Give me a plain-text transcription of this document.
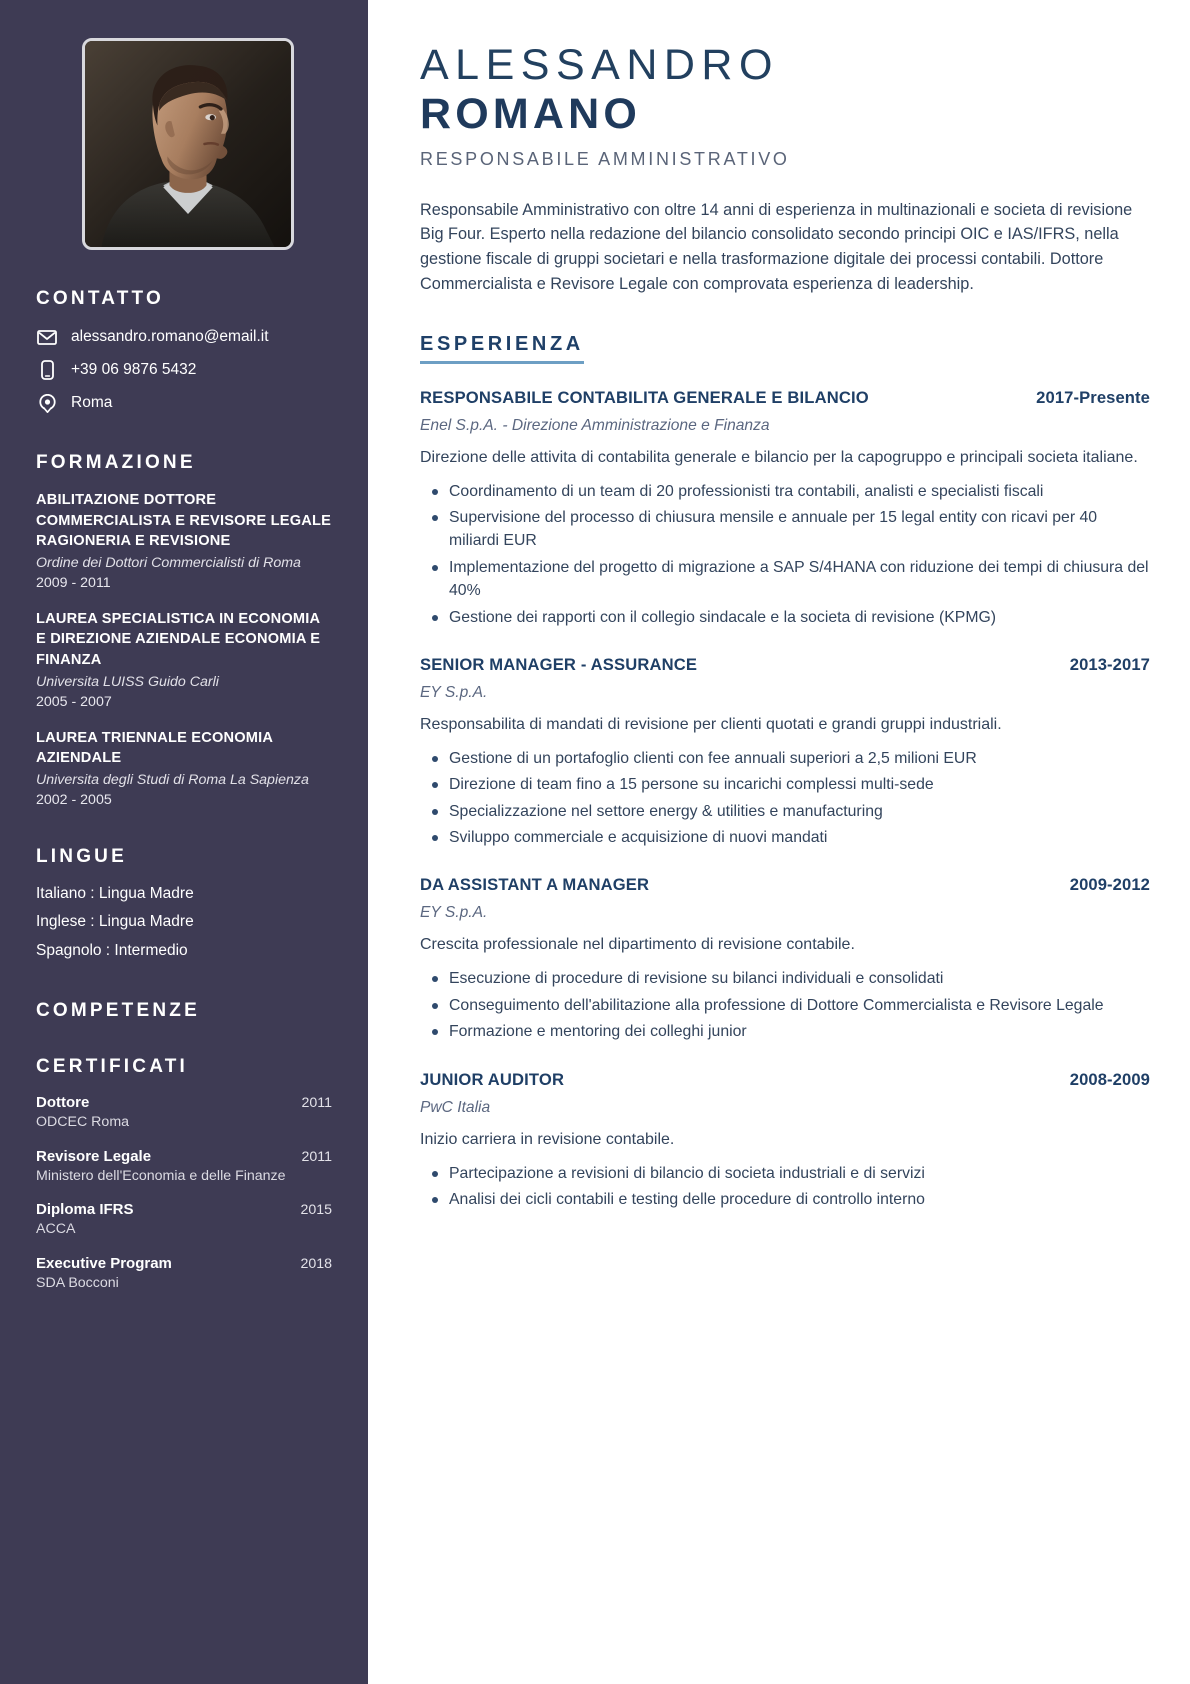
CONTATTO
alessandro.romano@email.it
+39 06 9876 5432
Roma
FORMAZIONE
ABILITAZIONE DOTTORE COMMERCIALISTA E REVISORE LEGALE RAGIONERIA E REVISIONE
Ordine dei Dottori Commercialisti di Roma
2009 - 2011
LAUREA SPECIALISTICA IN ECONOMIA E DIREZIONE AZIENDALE ECONOMIA E FINANZA
Universita LUISS Guido Carli
2005 - 2007
LAUREA TRIENNALE ECONOMIA AZIENDALE
Universita degli Studi di Roma La Sapienza
2002 - 2005
LINGUE
Italiano : Lingua Madre
Inglese : Lingua Madre
Spagnolo : Intermedio
COMPETENZE
CERTIFICATI
Dottore	2011
ODCEC Roma
Revisore Legale	2011
Ministero dell'Economia e delle Finanze
Diploma IFRS	2015
ACCA
Executive Program	2018
SDA Bocconi
ALESSANDRO
ROMANO
RESPONSABILE AMMINISTRATIVO

Responsabile Amministrativo con oltre 14 anni di esperienza in multinazionali e societa di revisione Big Four. Esperto nella redazione del bilancio consolidato secondo principi OIC e IAS/IFRS, nella gestione fiscale di gruppi societari e nella trasformazione digitale dei processi contabili. Dottore Commercialista e Revisore Legale con comprovata esperienza di leadership.

ESPERIENZA
RESPONSABILE CONTABILITA GENERALE E BILANCIO	2017-Presente
Enel S.p.A. - Direzione Amministrazione e Finanza
Direzione delle attivita di contabilita generale e bilancio per la capogruppo e principali societa italiane.
Coordinamento di un team di 20 professionisti tra contabili, analisti e specialisti fiscali
Supervisione del processo di chiusura mensile e annuale per 15 legal entity con ricavi per 40 miliardi EUR
Implementazione del progetto di migrazione a SAP S/4HANA con riduzione dei tempi di chiusura del 40%
Gestione dei rapporti con il collegio sindacale e la societa di revisione (KPMG)
SENIOR MANAGER - ASSURANCE	2013-2017
EY S.p.A.
Responsabilita di mandati di revisione per clienti quotati e grandi gruppi industriali.
Gestione di un portafoglio clienti con fee annuali superiori a 2,5 milioni EUR
Direzione di team fino a 15 persone su incarichi complessi multi-sede
Specializzazione nel settore energy & utilities e manufacturing
Sviluppo commerciale e acquisizione di nuovi mandati
DA ASSISTANT A MANAGER	2009-2012
EY S.p.A.
Crescita professionale nel dipartimento di revisione contabile.
Esecuzione di procedure di revisione su bilanci individuali e consolidati
Conseguimento dell'abilitazione alla professione di Dottore Commercialista e Revisore Legale
Formazione e mentoring dei colleghi junior
JUNIOR AUDITOR	2008-2009
PwC Italia
Inizio carriera in revisione contabile.
Partecipazione a revisioni di bilancio di societa industriali e di servizi
Analisi dei cicli contabili e testing delle procedure di controllo interno
